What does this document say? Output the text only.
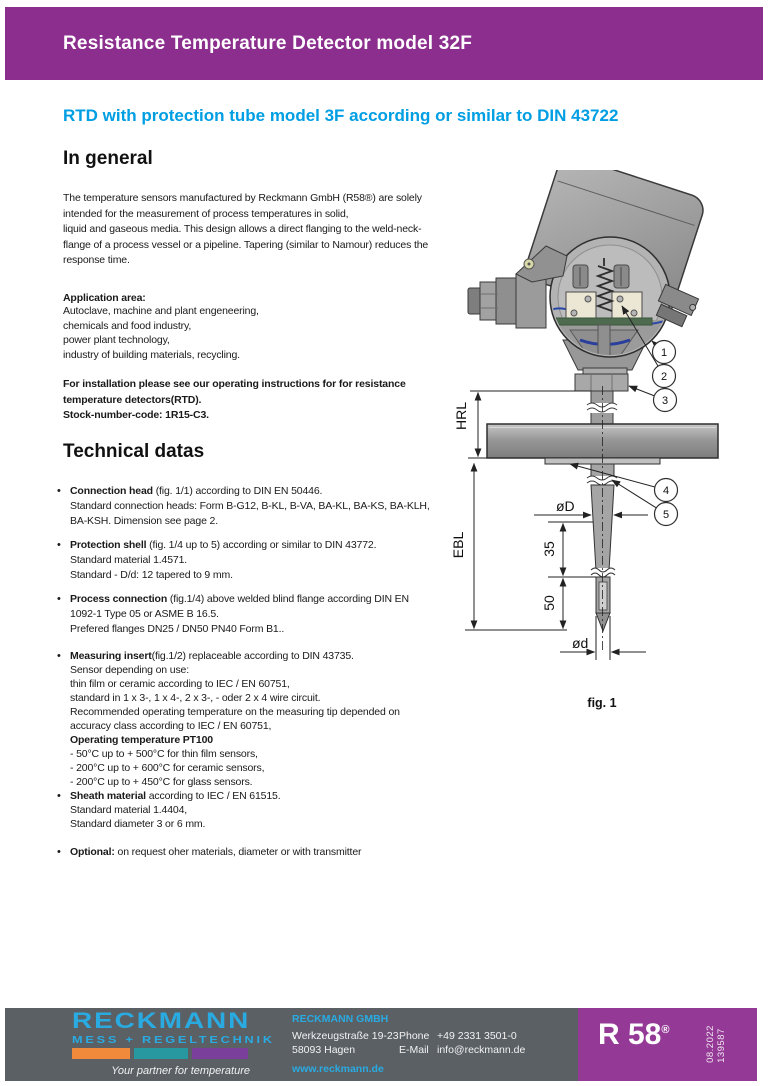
Resistance Temperature Detector model 32F
RTD with protection tube model 3F according or similar to DIN 43722
In general
The temperature sensors manufactured by Reckmann GmbH (R58®) are solely
intended for the measurement of process temperatures in solid,
liquid and gaseous media. This design allows a direct flanging to the weld-neck-
flange of a process vessel or a pipeline. Tapering (similar to Namour) reduces the
response time.
Application area:
Autoclave, machine and plant engeneering,
chemicals and food industry,
power plant technology,
industry of building materials, recycling.
For installation please see our operating instructions for for resistance
temperature detectors(RTD).
Stock-number-code: 1R15-C3.
Technical datas
• Connection head (fig. 1/1) according to DIN EN 50446.
Standard connection heads: Form B-G12, B-KL, B-VA, BA-KL, BA-KS, BA-KLH,
BA-KSH. Dimension see page 2.
• Protection shell (fig. 1/4 up to 5) according or similar to DIN 43772.
Standard material 1.4571.
Standard - D/d: 12 tapered to 9 mm.
• Process connection (fig.1/4) above welded blind flange according DIN EN
1092-1 Type 05 or ASME B 16.5.
Prefered flanges DN25 / DN50 PN40 Form B1..
• Measuring insert(fig.1/2) replaceable according to DIN 43735.
Sensor depending on use:
thin film or ceramic according to IEC / EN 60751,
standard in 1 x 3-, 1 x 4-, 2 x 3-, - oder 2 x 4 wire circuit.
Recommended operating temperature on the measuring tip depended on
accuracy class according to IEC / EN 60751,
Operating temperature PT100
- 50°C up to + 500°C for thin film sensors,
- 200°C up to + 600°C for ceramic sensors,
- 200°C up to + 450°C for glass sensors.
• Sheath material according to IEC / EN 61515.
Standard material 1.4404,
Standard diameter 3 or 6 mm.
• Optional: on request oher materials, diameter or with transmitter
HRL
EBL
øD
35
50
ød
1
2
3
4
5
fig. 1
RECKMANN
MESS + REGELTECHNIK
Your partner for temperature
RECKMANN GMBH
Werkzeugstraße 19-23
58093 Hagen
Phone +49 2331 3501-0
E-Mail info@reckmann.de
www.reckmann.de
R 58®	08.2022 139587
